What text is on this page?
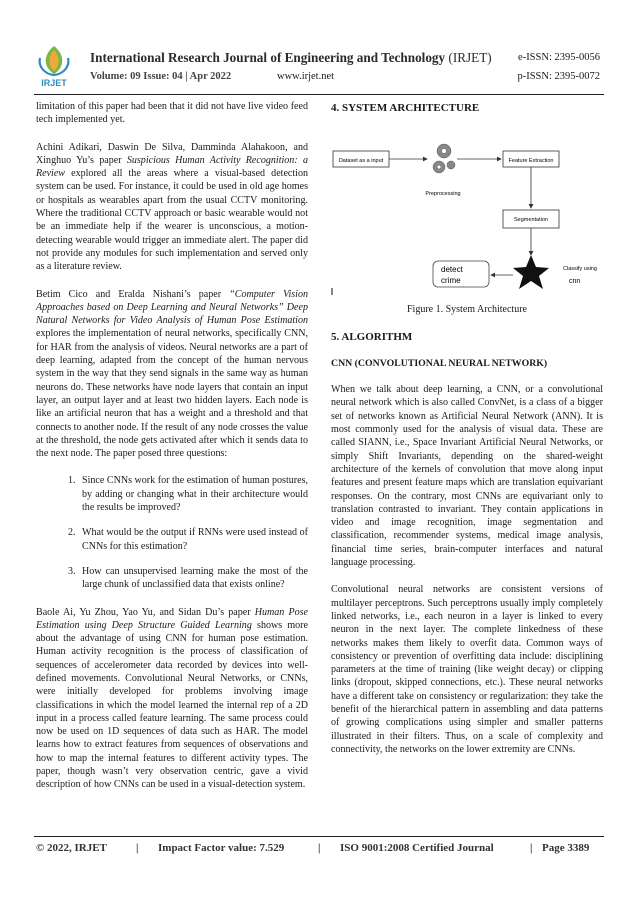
IRJET
International Research Journal of Engineering and Technology (IRJET)
Volume: 09 Issue: 04 | Apr 2022	www.irjet.net
e-ISSN: 2395-0056
p-ISSN: 2395-0072

limitation of this paper had been that it did not have live video feed tech implemented yet.

Achini Adikari, Daswin De Silva, Damminda Alahakoon, and Xinghuo Yu’s paper Suspicious Human Activity Recognition: a Review explored all the areas where a visual-based detection system can be used. For instance, it could be used in old age homes or hospitals as wearables apart from the usual CCTV monitoring. Where the traditional CCTV approach or basic wearable would not be an immediate help if the wearer is unconscious, a motion-detecting wearable would trigger an immediate alert. The paper did not provide any modules for such implementation and served only as a literature review.

Betim Cico and Eralda Nishani’s paper “Computer Vision Approaches based on Deep Learning and Neural Networks” Deep Natural Networks for Video Analysis of Human Pose Estimation explores the implementation of neural networks, specifically CNN, for HAR from the analysis of videos. Neural networks are a part of deep learning, adapted from the concept of the human nervous system in the way that they send signals in the same way as human neurons do. These networks have node layers that contain an input layer, an output layer and at least two hidden layers. Each node is like an artificial neuron that has a weight and a threshold and that connects to another node. If the result of any node crosses the value at the threshold, the node gets activated after which it sends data to the next node. The paper posed three questions:

1. Since CNNs work for the estimation of human postures, by adding or changing what in their architecture would the results be improved?
2. What would be the output if RNNs were used instead of CNNs for this estimation?
3. How can unsupervised learning make the most of the large chunk of unclassified data that exists online?

Baole Ai, Yu Zhou, Yao Yu, and Sidan Du’s paper Human Pose Estimation using Deep Structure Guided Learning shows more about the advantage of using CNN for human pose estimation. Human activity recognition is the process of classification of sequences of accelerometer data recorded by devices into well-defined movements. Convolutional Neural Networks, or CNNs, were initially developed for problems involving image classifications in which the model learned the internal rep of a 2D input in a process called feature learning. The same process could now be used on 1D sequences of data such as HAR. The model learns how to extract features from sequences of observations and how to map the internal features to different activity types. The paper, though wasn’t very observation centric, gave a vivid description of how CNNs can be used in a visual-detection system.

4. SYSTEM ARCHITECTURE
Dataset as a input
Preprocessing
Feature Extraction
Segmentation
Classify using
cnn
detect
crime
Figure 1. System Architecture
5. ALGORITHM
CNN (CONVOLUTIONAL NEURAL NETWORK)

When we talk about deep learning, a CNN, or a convolutional neural network which is also called ConvNet, is a class of a bigger set of networks known as Artificial Neural Network (ANN). It is most commonly used for the analysis of visual data. These are called SIANN, i.e., Space Invariant Artificial Neural Networks, or simply Shift Invariants, depending on the shared-weight architecture of the kernels of convolution that move along input features and present feature maps which are translation equivariant responses. On the contrary, most CNNs are equivariant only to translation contrasted to invariant. They contain applications in video and image recognition, image segmentation and classification, recommender systems, medical image analysis, financial time series, brain-computer interfaces and natural language processing.

Convolutional neural networks are consistent versions of multilayer perceptrons. Such perceptrons usually imply completely linked networks, i.e., each neuron in a layer is linked to every neuron in the next layer. The complete linkedness of these networks makes them likely to overfit data. Common ways of consistency or prevention of overfitting data include: disciplining parameters at the time of training (like weight decay) or clipping links (dropout, skipped connections, etc.). These neural networks have a different take on consistency or regularization: they take the benefit of the hierarchical pattern in assembling and data patterns of growing complications using simpler and smaller patterns illustrated in their filters. Thus, on a scale of complexity and connectivity, the networks on the lower extremity are CNNs.

© 2022, IRJET	| Impact Factor value: 7.529	| ISO 9001:2008 Certified Journal	| Page 3389
